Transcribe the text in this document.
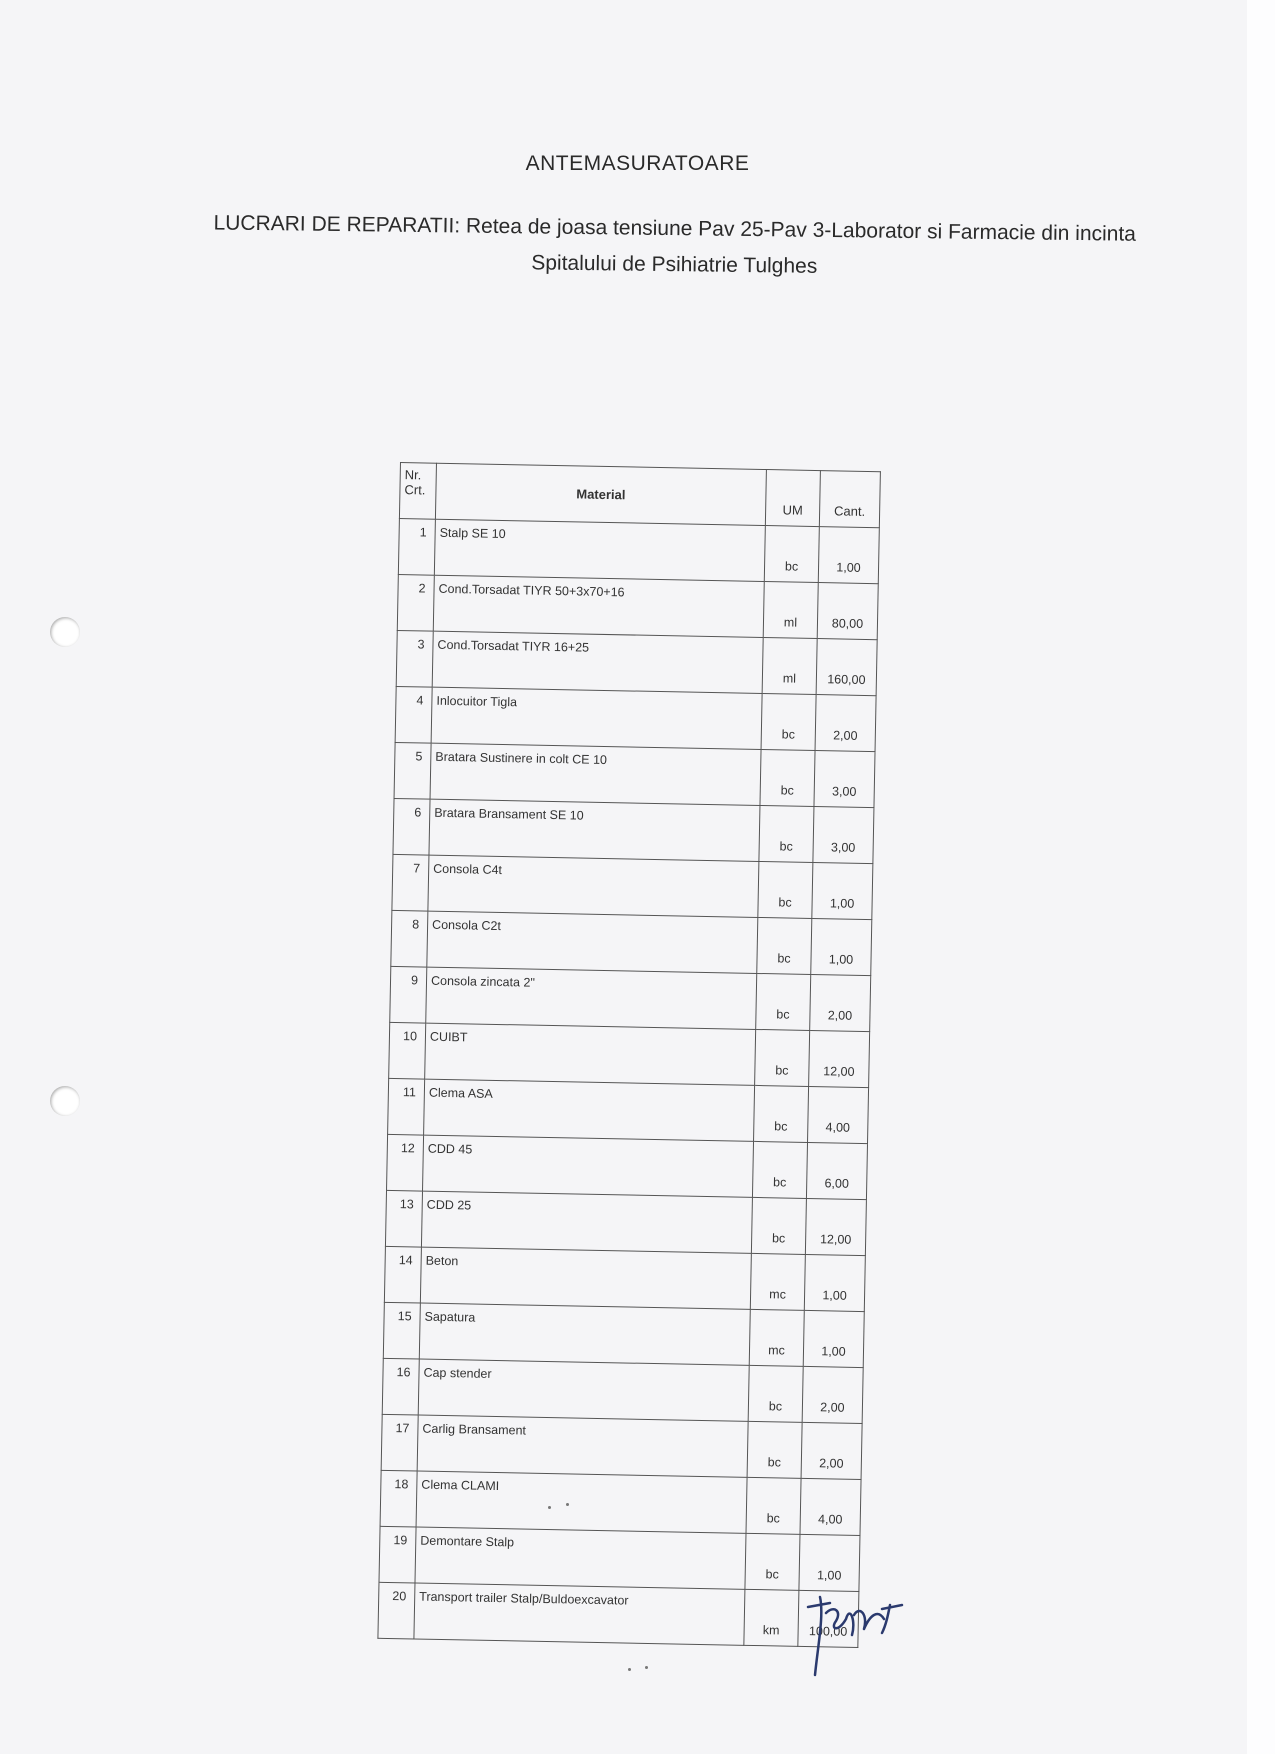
ANTEMASURATOARE
LUCRARI DE REPARATII: Retea de joasa tensiune Pav 25-Pav 3-Laborator si Farmacie din incinta
Spitalului de Psihiatrie Tulghes
Nr.
Crt.	Material	UM	Cant.
1	Stalp SE 10	bc	1,00
2	Cond.Torsadat TIYR 50+3x70+16	ml	80,00
3	Cond.Torsadat TIYR 16+25	ml	160,00
4	Inlocuitor Tigla	bc	2,00
5	Bratara Sustinere in colt CE 10	bc	3,00
6	Bratara Bransament SE 10	bc	3,00
7	Consola C4t	bc	1,00
8	Consola C2t	bc	1,00
9	Consola zincata 2"	bc	2,00
10	CUIBT	bc	12,00
11	Clema ASA	bc	4,00
12	CDD 45	bc	6,00
13	CDD 25	bc	12,00
14	Beton	mc	1,00
15	Sapatura	mc	1,00
16	Cap stender	bc	2,00
17	Carlig Bransament	bc	2,00
18	Clema CLAMI	bc	4,00
19	Demontare Stalp	bc	1,00
20	Transport trailer Stalp/Buldoexcavator	km	100,00
